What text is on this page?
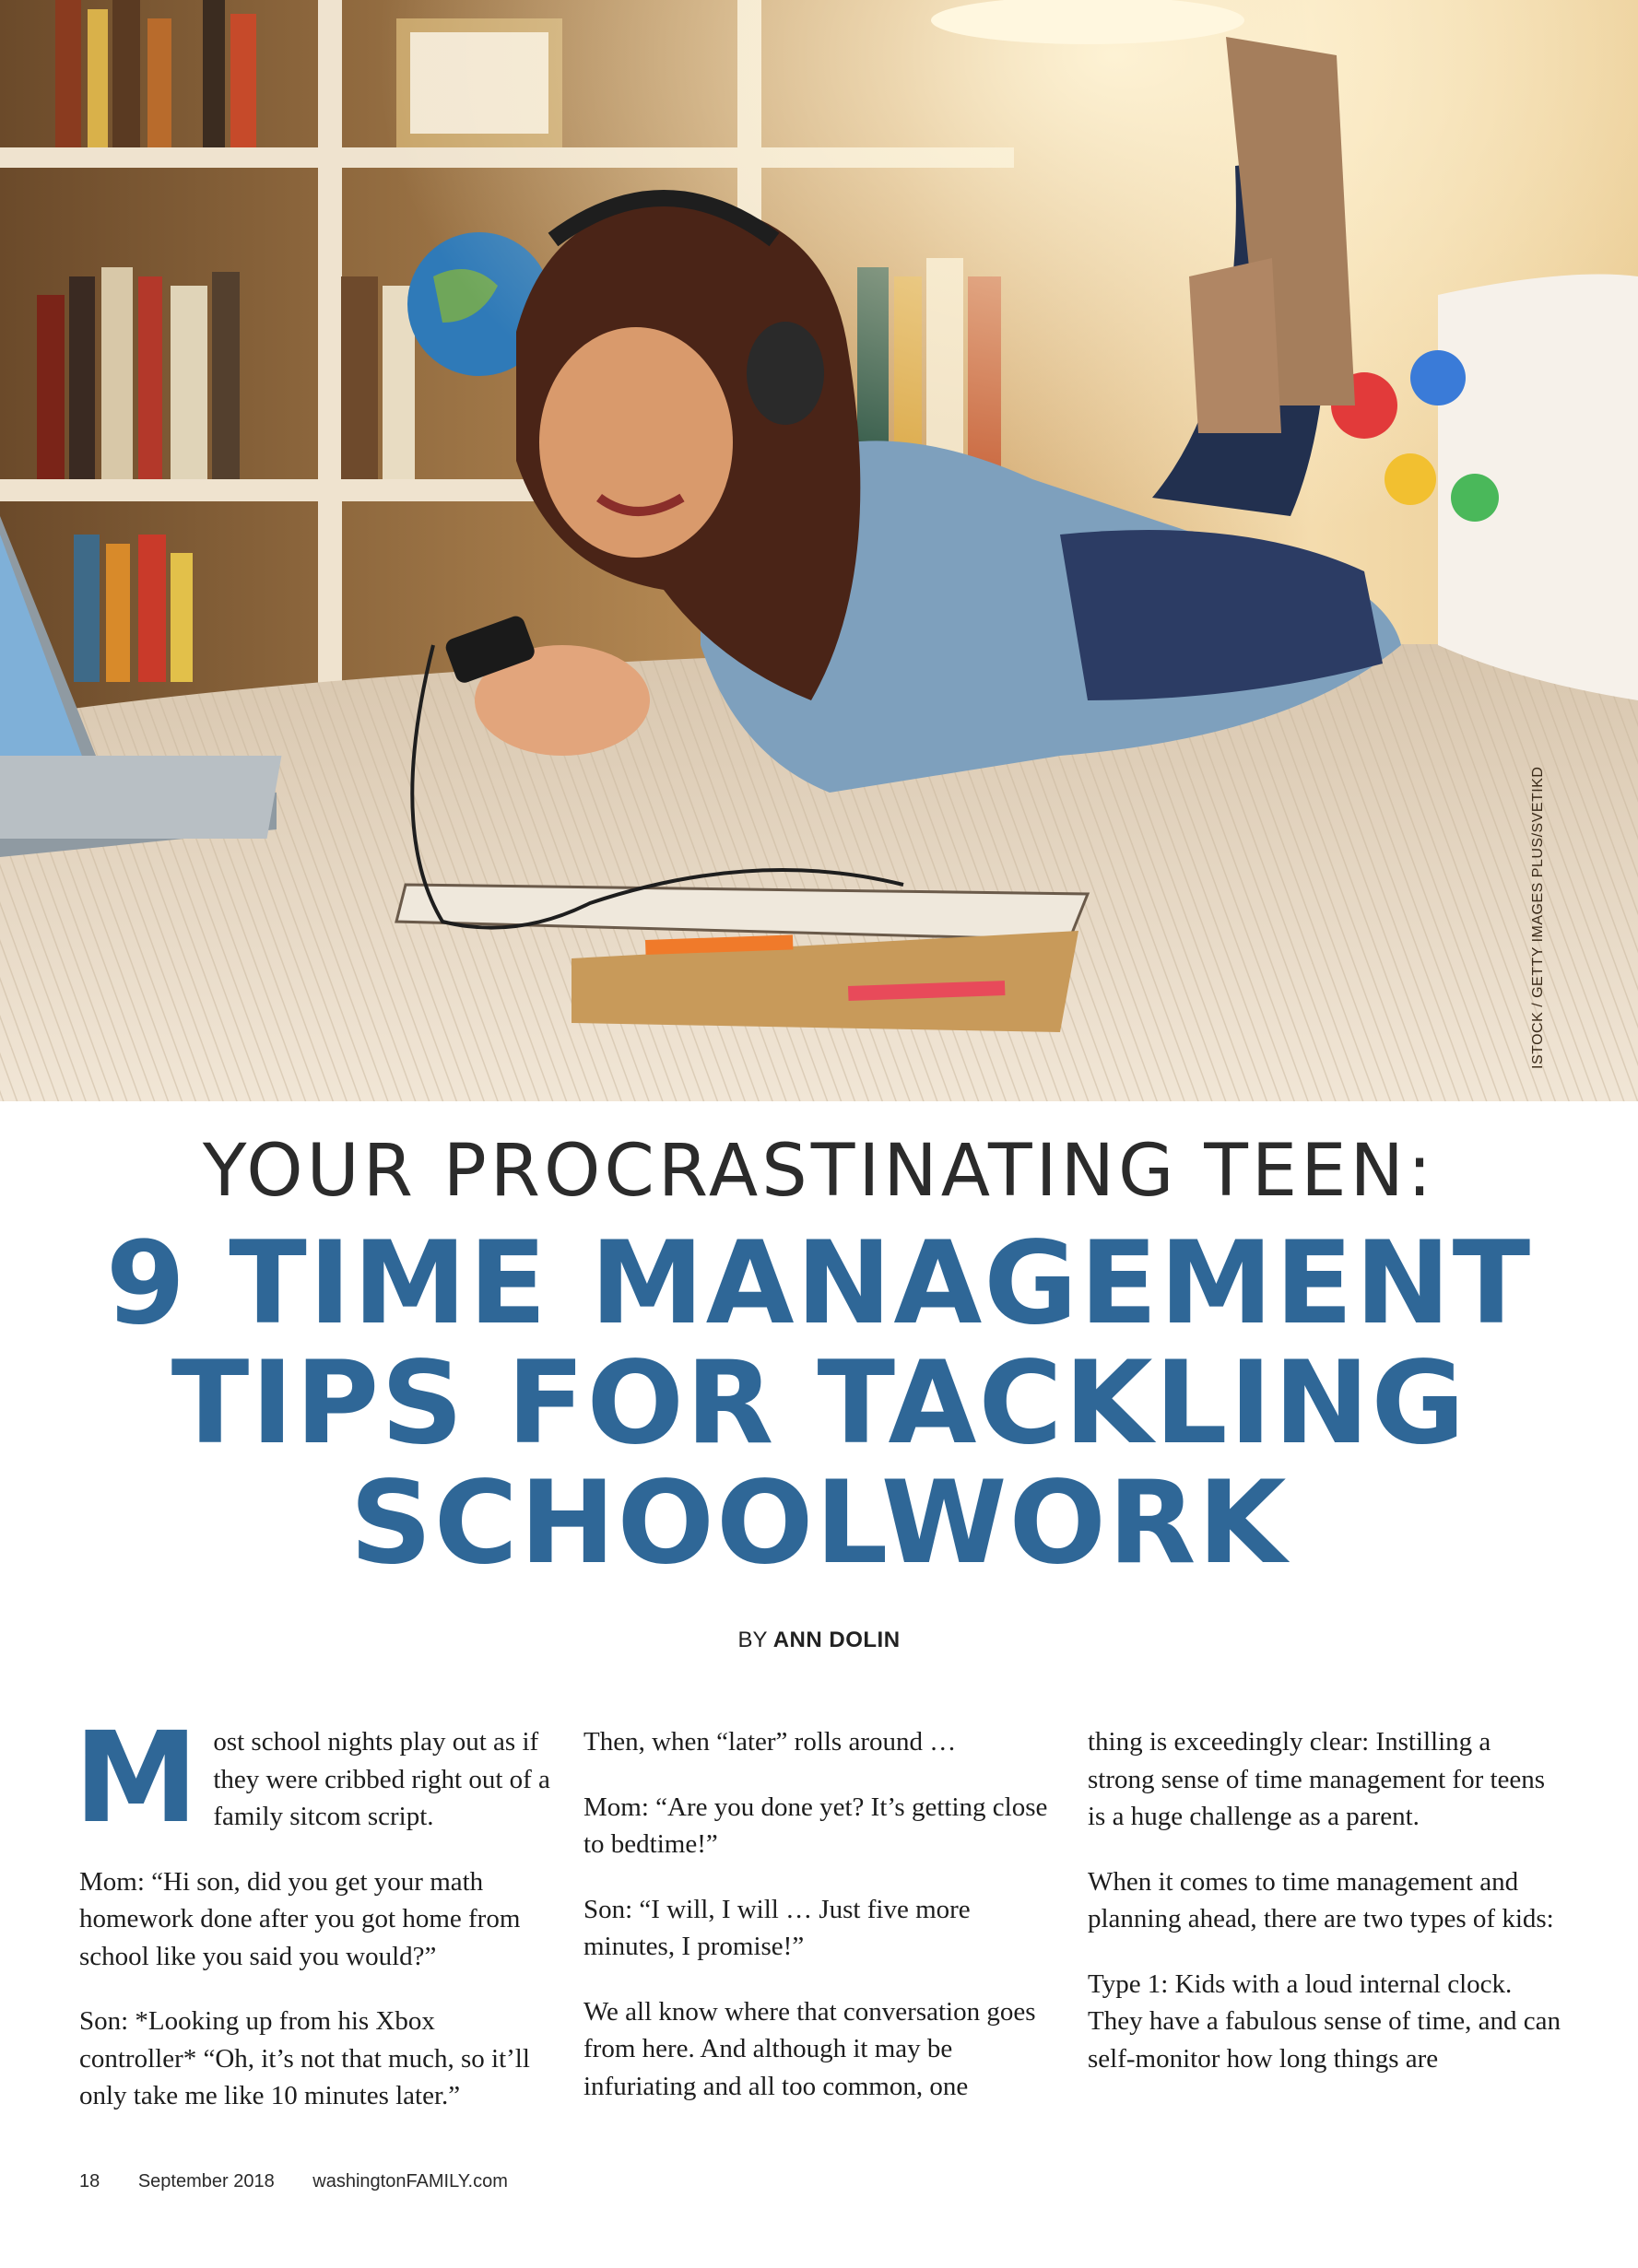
ISTOCK / GETTY IMAGES PLUS/SVETIKD
YOUR PROCRASTINATING TEEN:
9 TIME MANAGEMENT
TIPS FOR TACKLING
SCHOOLWORK
BY ANN DOLIN

Most school nights play out as if they were cribbed right out of a family sitcom script.

Mom: “Hi son, did you get your math homework done after you got home from school like you said you would?”

Son: *Looking up from his Xbox controller* “Oh, it’s not that much, so it’ll only take me like 10 minutes later.”

Then, when “later” rolls around …

Mom: “Are you done yet? It’s getting close to bedtime!”

Son: “I will, I will … Just five more minutes, I promise!”

We all know where that conversation goes from here. And although it may be infuriating and all too common, one

thing is exceedingly clear: Instilling a strong sense of time management for teens is a huge challenge as a parent.

When it comes to time management and planning ahead, there are two types of kids:

Type 1: Kids with a loud internal clock. They have a fabulous sense of time, and can self-monitor how long things are

18 September 2018 washingtonFAMILY.com
